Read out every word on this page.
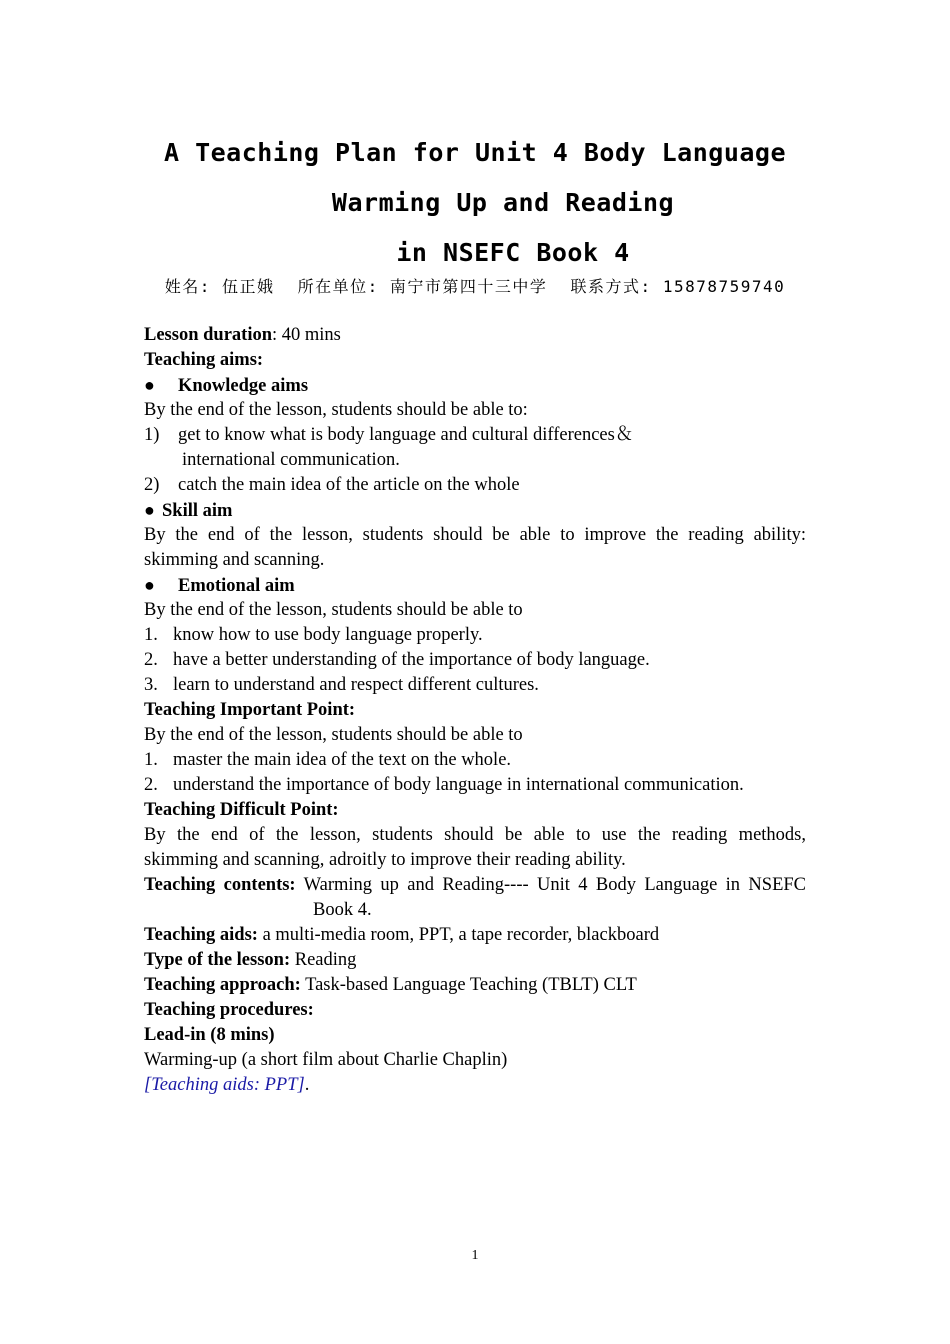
A Teaching Plan for Unit 4 Body Language
Warming Up and Reading
in NSEFC Book 4
姓名: 伍正娥 所在单位: 南宁市第四十三中学 联系方式: 15878759740
Lesson duration: 40 mins
Teaching aims:
● Knowledge aims
By the end of the lesson, students should be able to:
1) get to know what is body language and cultural differences＆
international communication.
2) catch the main idea of the article on the whole
● Skill aim
By the end of the lesson, students should be able to improve the reading ability:
skimming and scanning.
● Emotional aim
By the end of the lesson, students should be able to
1. know how to use body language properly.
2. have a better understanding of the importance of body language.
3. learn to understand and respect different cultures.
Teaching Important Point:
By the end of the lesson, students should be able to
1. master the main idea of the text on the whole.
2. understand the importance of body language in international communication.
Teaching Difficult Point:
By the end of the lesson, students should be able to use the reading methods,
skimming and scanning, adroitly to improve their reading ability.
Teaching contents: Warming up and Reading---- Unit 4 Body Language in NSEFC
Book 4.
Teaching aids: a multi-media room, PPT, a tape recorder, blackboard
Type of the lesson: Reading
Teaching approach: Task-based Language Teaching (TBLT) CLT
Teaching procedures:
Lead-in (8 mins)
Warming-up (a short film about Charlie Chaplin)
[Teaching aids: PPT].
1
